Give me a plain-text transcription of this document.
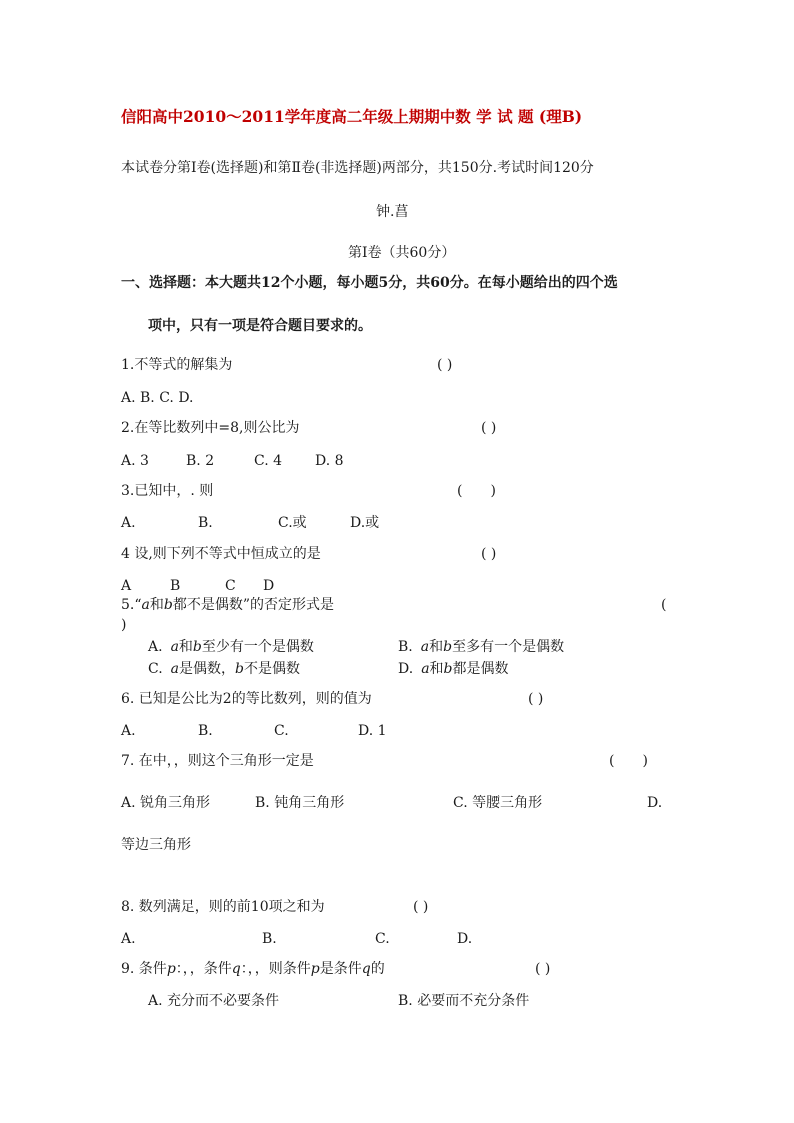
信阳高中2010～2011学年度高二年级上期期中数 学 试 题 (理B)
本试卷分第Ⅰ卷(选择题)和第Ⅱ卷(非选择题)两部分，共150分.考试时间120分
钟.菖
第Ⅰ卷（共60分）
一、选择题：本大题共12个小题，每小题5分，共60分。在每小题给出的四个选
项中，只有一项是符合题目要求的。
1.不等式的解集为	( )
A. B. C. D.
2.在等比数列中=8,则公比为	( )
A. 3	B. 2	C. 4 D. 8
3.已知中，. 则	(　　)
A.	B.	C.或	D.或
4 设,则下列不等式中恒成立的是	( )
A	B	C D
5.“a和b都不是偶数”的否定形式是	(
)
A. a和b至少有一个是偶数	B. a和b至多有一个是偶数
C. a是偶数，b不是偶数	D. a和b都是偶数
6. 已知是公比为2的等比数列，则的值为	( )
A.	B.	C.	D. 1
7. 在中，，则这个三角形一定是	(　　)
A. 锐角三角形	B. 钝角三角形	C. 等腰三角形	D.
等边三角形
8. 数列满足，则的前10项之和为	( )
A.	B.	C.	D.
9. 条件p：，，条件q：，，则条件p是条件q的	( )
A. 充分而不必要条件	B. 必要而不充分条件
